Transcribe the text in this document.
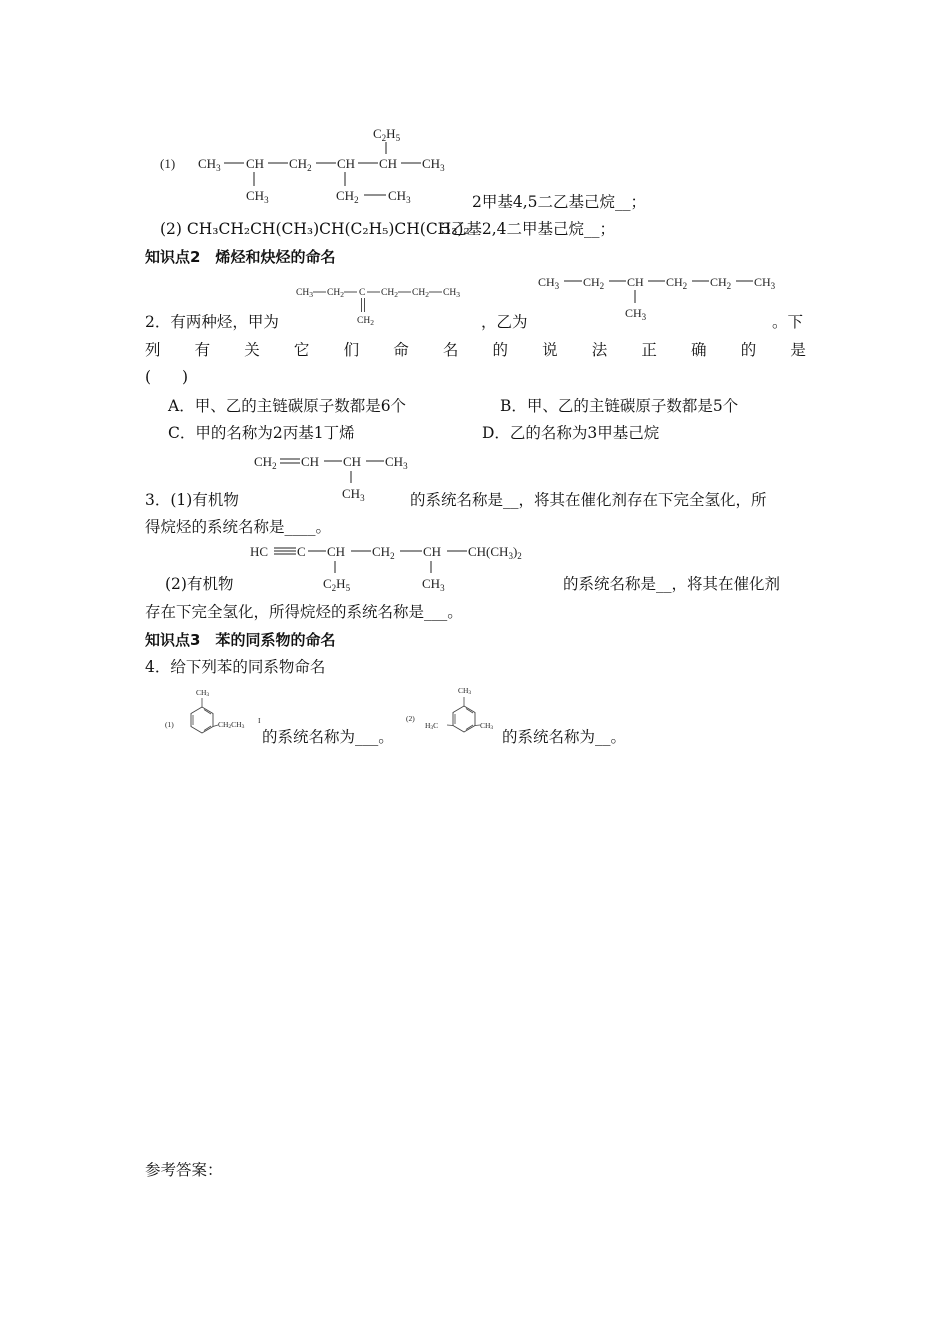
(1) $CH_3$ CH $CH_2$ CH CH $CH_3$
$C_2H_5$
$CH_3$	$CH_2$ $CH_3$	2甲基4,5二乙基己烷__；
(2) CH₃CH₂CH(CH₃)CH(C₂H₅)CH(CH₃)₂
3乙基2,4二甲基己烷__；
知识点2　烯烃和炔烃的命名
$CH_3$ $CH_2$ C $CH_2$ $CH_2$ $CH_3$
$CH_2$
$CH_3$ $CH_2$ CH $CH_2$ $CH_2$ $CH_3$
$CH_3$
2．有两种烃，甲为	，乙为	。下
列 有 关 它 们 命 名 的 说 法 正 确 的 是
(　　)
A．甲、乙的主链碳原子数都是6个	B．甲、乙的主链碳原子数都是5个
C．甲的名称为2丙基1丁烯	D．乙的名称为3甲基己烷
$CH_2$ CH CH $CH_3$
$CH_3$
3．(1)有机物	的系统名称是__，将其在催化剂存在下完全氢化，所
得烷烃的系统名称是____。
HC C CH $CH_2$ CH $CH(CH_3)_2$
$C_2H_5$	$CH_3$
(2)有机物	的系统名称是__，将其在催化剂
存在下完全氢化，所得烷烃的系统名称是___。
知识点3　苯的同系物的命名
4．给下列苯的同系物命名
(1)
CH3
CH2CH3
I
的系统名称为___。
(2)
CH3
H3C	CH3 的系统名称为__。
参考答案：
